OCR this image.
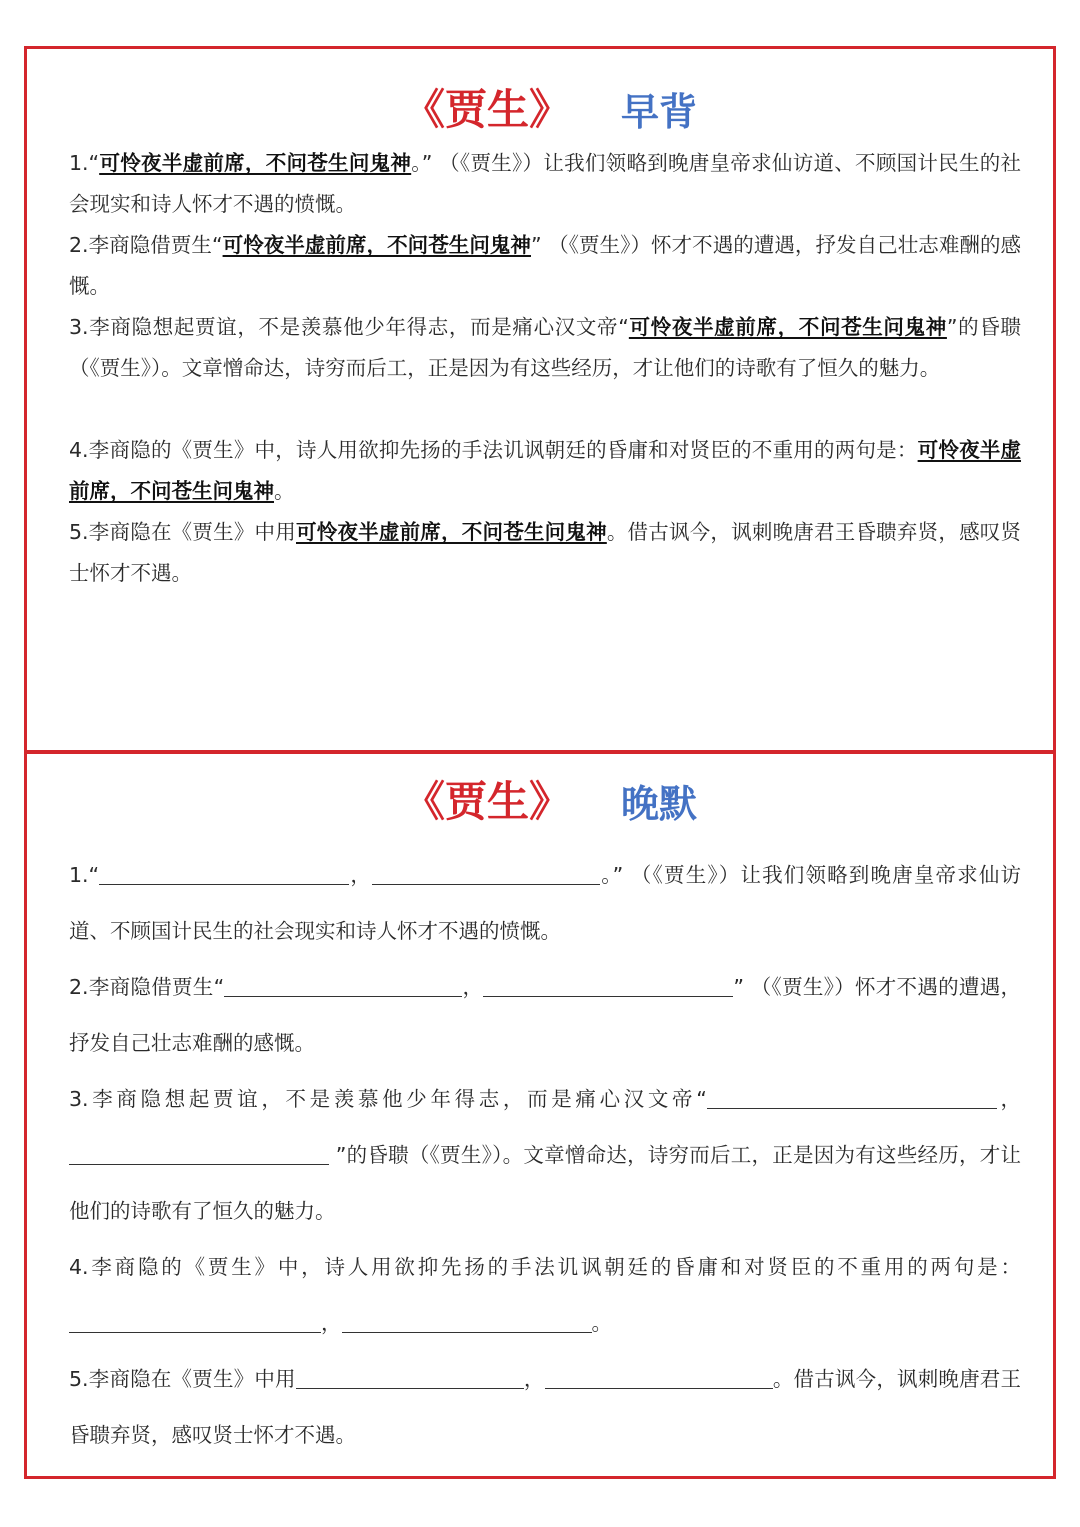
《贾生》 早背

1.“可怜夜半虚前席，不问苍生问鬼神。” （《贾生》）让我们领略到晚唐皇帝求仙访道、不顾国计民生的社会现实和诗人怀才不遇的愤慨。

2.李商隐借贾生“可怜夜半虚前席，不问苍生问鬼神” （《贾生》）怀才不遇的遭遇，抒发自己壮志难酬的感慨。

3.李商隐想起贾谊，不是羡慕他少年得志，而是痛心汉文帝“可怜夜半虚前席，不问苍生问鬼神”的昏聩（《贾生》）。文章憎命达，诗穷而后工，正是因为有这些经历，才让他们的诗歌有了恒久的魅力。

4.李商隐的《贾生》中，诗人用欲抑先扬的手法讥讽朝廷的昏庸和对贤臣的不重用的两句是：可怜夜半虚前席，不问苍生问鬼神。

5.李商隐在《贾生》中用可怜夜半虚前席，不问苍生问鬼神。借古讽今，讽刺晚唐君王昏聩弃贤，感叹贤士怀才不遇。

《贾生》 晚默

1.“	，	。” （《贾生》）让我们领略到晚唐皇帝求仙访道、不顾国计民生的社会现实和诗人怀才不遇的愤慨。

2.李商隐借贾生“	，	” （《贾生》）怀才不遇的遭遇，抒发自己壮志难酬的感慨。

3.李商隐想起贾谊，不是羡慕他少年得志，而是痛心汉文帝“	， ”的昏聩（《贾生》）。文章憎命达，诗穷而后工，正是因为有这些经历，才让他们的诗歌有了恒久的魅力。

4.李商隐的《贾生》中，诗人用欲抑先扬的手法讥讽朝廷的昏庸和对贤臣的不重用的两句是：，	。

5.李商隐在《贾生》中用	，	。借古讽今，讽刺晚唐君王昏聩弃贤，感叹贤士怀才不遇。
